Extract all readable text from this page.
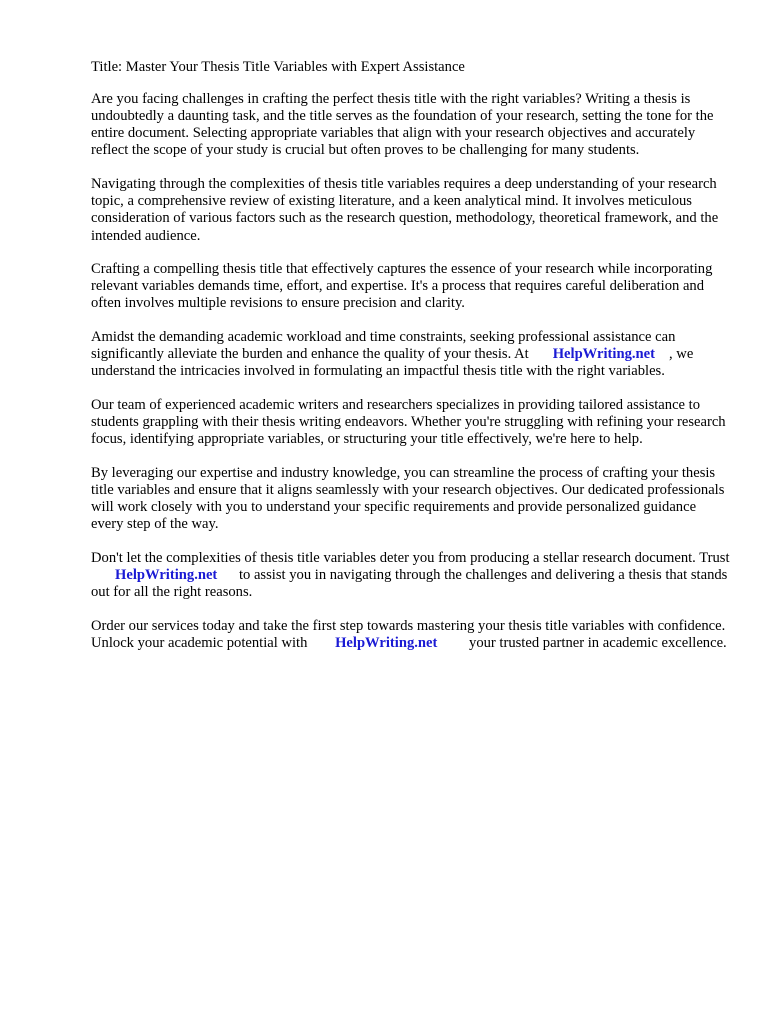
Title: Master Your Thesis Title Variables with Expert Assistance

Are you facing challenges in crafting the perfect thesis title with the right variables? Writing a thesis is undoubtedly a daunting task, and the title serves as the foundation of your research, setting the tone for the entire document. Selecting appropriate variables that align with your research objectives and accurately reflect the scope of your study is crucial but often proves to be challenging for many students.

Navigating through the complexities of thesis title variables requires a deep understanding of your research topic, a comprehensive review of existing literature, and a keen analytical mind. It involves meticulous consideration of various factors such as the research question, methodology, theoretical framework, and the intended audience.

Crafting a compelling thesis title that effectively captures the essence of your research while incorporating relevant variables demands time, effort, and expertise. It's a process that requires careful deliberation and often involves multiple revisions to ensure precision and clarity.

Amidst the demanding academic workload and time constraints, seeking professional assistance can significantly alleviate the burden and enhance the quality of your thesis. At HelpWriting.net , we understand the intricacies involved in formulating an impactful thesis title with the right variables.

Our team of experienced academic writers and researchers specializes in providing tailored assistance to students grappling with their thesis writing endeavors. Whether you're struggling with refining your research focus, identifying appropriate variables, or structuring your title effectively, we're here to help.

By leveraging our expertise and industry knowledge, you can streamline the process of crafting your thesis title variables and ensure that it aligns seamlessly with your research objectives. Our dedicated professionals will work closely with you to understand your specific requirements and provide personalized guidance every step of the way.

Don't let the complexities of thesis title variables deter you from producing a stellar research document. Trust HelpWriting.net to assist you in navigating through the challenges and delivering a thesis that stands out for all the right reasons.

Order our services today and take the first step towards mastering your thesis title variables with confidence. Unlock your academic potential with HelpWriting.net your trusted partner in academic excellence.
